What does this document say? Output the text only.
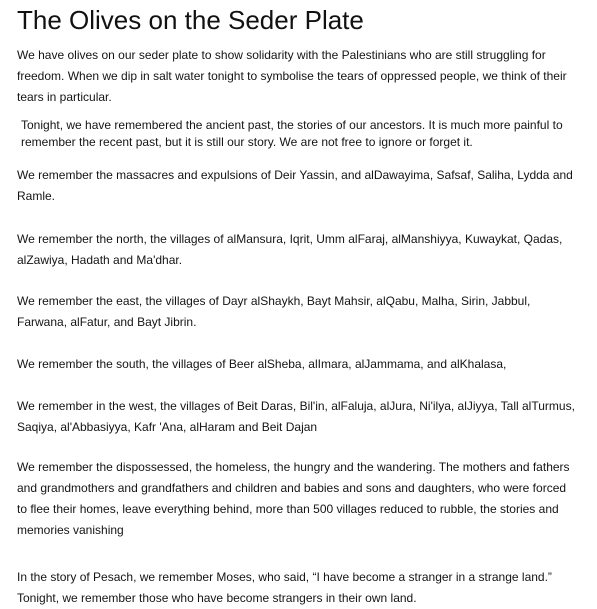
The Olives on the Seder Plate
We have olives on our seder plate to show solidarity with the Palestinians who are still struggling for freedom. When we dip in salt water tonight to symbolise the tears of oppressed people, we think of their tears in particular.
Tonight, we have remembered the ancient past, the stories of our ancestors. It is much more painful to remember the recent past, but it is still our story. We are not free to ignore or forget it.
We remember the massacres and expulsions of Deir Yassin, and alDawayima, Safsaf, Saliha, Lydda and Ramle.
We remember the north, the villages of alMansura, Iqrit, Umm alFaraj, alManshiyya, Kuwaykat, Qadas, alZawiya, Hadath and Ma'dhar.
We remember the east, the villages of Dayr alShaykh, Bayt Mahsir, alQabu, Malha, Sirin, Jabbul, Farwana, alFatur, and Bayt Jibrin.
We remember the south, the villages of Beer alSheba, alImara, alJammama, and alKhalasa,
We remember in the west, the villages of Beit Daras, Bil'in, alFaluja, alJura, Ni'ilya, alJiyya, Tall alTurmus, Saqiya, al'Abbasiyya, Kafr 'Ana, alHaram and Beit Dajan
We remember the dispossessed, the homeless, the hungry and the wandering. The mothers and fathers and grandmothers and grandfathers and children and babies and sons and daughters, who were forced to flee their homes, leave everything behind, more than 500 villages reduced to rubble, the stories and memories vanishing
In the story of Pesach, we remember Moses, who said, “I have become a stranger in a strange land.” Tonight, we remember those who have become strangers in their own land.
